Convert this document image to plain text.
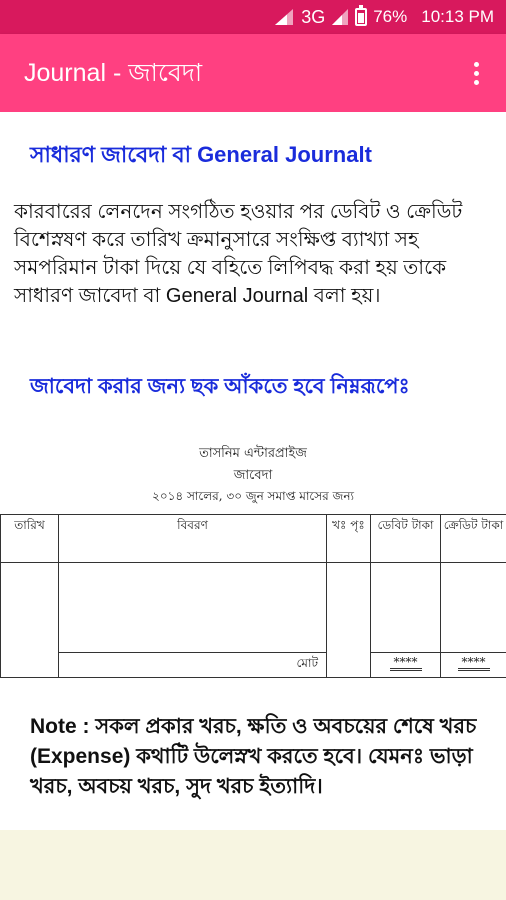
3G	76% 10:13 PM
Journal - জাবেদা
সাধারণ জাবেদা বা General Journalt
কারবারের লেনদেন সংগঠিত হওয়ার পর ডেবিট ও ক্রেডিট বিশেস্নষণ করে তারিখ ক্রমানুসারে সংক্ষিপ্ত ব্যাখ্যা সহ সমপরিমান টাকা দিয়ে যে বহিতে লিপিবদ্ধ করা হয় তাকে সাধারণ জাবেদা বা General Journal বলা হয়।
জাবেদা করার জন্য ছক আঁকতে হবে নিম্নরূপেঃ
তাসনিম এন্টারপ্রাইজ
জাবেদা
২০১৪ সালের, ৩০ জুন সমাপ্ত মাসের জন্য
তারিখ	বিবরণ	খঃ পৃঃ	ডেবিট টাকা	ক্রেডিট টাকা

	মোট		****	****
Note : সকল প্রকার খরচ, ক্ষতি ও অবচয়ের শেষে খরচ (Expense) কথাটি উলেস্নখ করতে হবে। যেমনঃ ভাড়া খরচ, অবচয় খরচ, সুদ খরচ ইত্যাদি।
